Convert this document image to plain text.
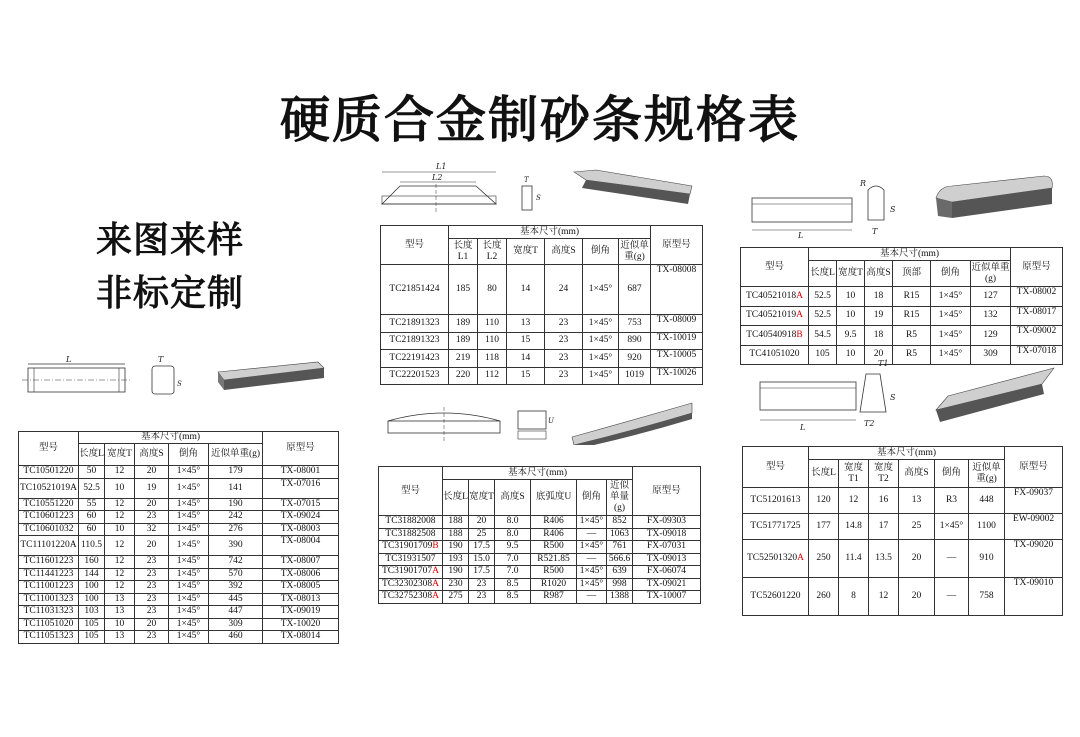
硬质合金制砂条规格表
来图来样
非标定制
L	T
S
L1
L2	T
S
U
L
R
S
T
L
T1
S
T2
型号	基本尺寸(mm)					原型号
	长度L	宽度T	高度S	倒角	近似单重(g)	
TC10501220	50	12	20	1×45°	179	TX-08001
TC10521019A	52.5	10	19	1×45°	141	TX-07016
TC10551220	55	12	20	1×45°	190	TX-07015
TC10601223	60	12	23	1×45°	242	TX-09024
TC10601032	60	10	32	1×45°	276	TX-08003
TC11101220A	110.5	12	20	1×45°	390	TX-08004
TC11601223	160	12	23	1×45°	742	TX-08007
TC11441223	144	12	23	1×45°	570	TX-08006
TC11001223	100	12	23	1×45°	392	TX-08005
TC11001323	100	13	23	1×45°	445	TX-08013
TC11031323	103	13	23	1×45°	447	TX-09019
TC11051020	105	10	20	1×45°	309	TX-10020
TC11051323	105	13	23	1×45°	460	TX-08014
型号	基本尺寸(mm)						原型号
	长度L1	长度L2	宽度T	高度S	倒角	近似单重(g)	
TC21851424	185	80	14	24	1×45°	687	TX-08008
TC21891323	189	110	13	23	1×45°	753	TX-08009
TC21891323	189	110	15	23	1×45°	890	TX-10019
TC22191423	219	118	14	23	1×45°	920	TX-10005
TC22201523	220	112	15	23	1×45°	1019	TX-10026
型号	基本尺寸(mm)						原型号
	长度L	宽度T	高度S	底弧度U	倒角	近似单量(g)	
TC31882008	188	20	8.0	R406	1×45°	852	FX-09303
TC31882508	188	25	8.0	R406	—	1063	TX-09018
TC31901709B	190	17.5	9.5	R500	1×45°	761	FX-07031
TC31931507	193	15.0	7.0	R521.85	—	566.6	TX-09013
TC31901707A	190	17.5	7.0	R500	1×45°	639	FX-06074
TC32302308A	230	23	8.5	R1020	1×45°	998	TX-09021
TC32752308A	275	23	8.5	R987	—	1388	TX-10007
型号	基本尺寸(mm)						原型号
	长度L	宽度T	高度S	顶部	倒角	近似单重(g)	
TC40521018A	52.5	10	18	R15	1×45°	127	TX-08002
TC40521019A	52.5	10	19	R15	1×45°	132	TX-08017
TC40540918B	54.5	9.5	18	R5	1×45°	129	TX-09002
TC41051020	105	10	20	R5	1×45°	309	TX-07018
型号	基本尺寸(mm)						原型号
	长度L	宽度T1	宽度T2	高度S	倒角	近似单重(g)	
TC51201613	120	12	16	13	R3	448	FX-09037
TC51771725	177	14.8	17	25	1×45°	1100	EW-09002
TC52501320A	250	11.4	13.5	20	—	910	TX-09020
TC52601220	260	8	12	20	—	758	TX-09010
